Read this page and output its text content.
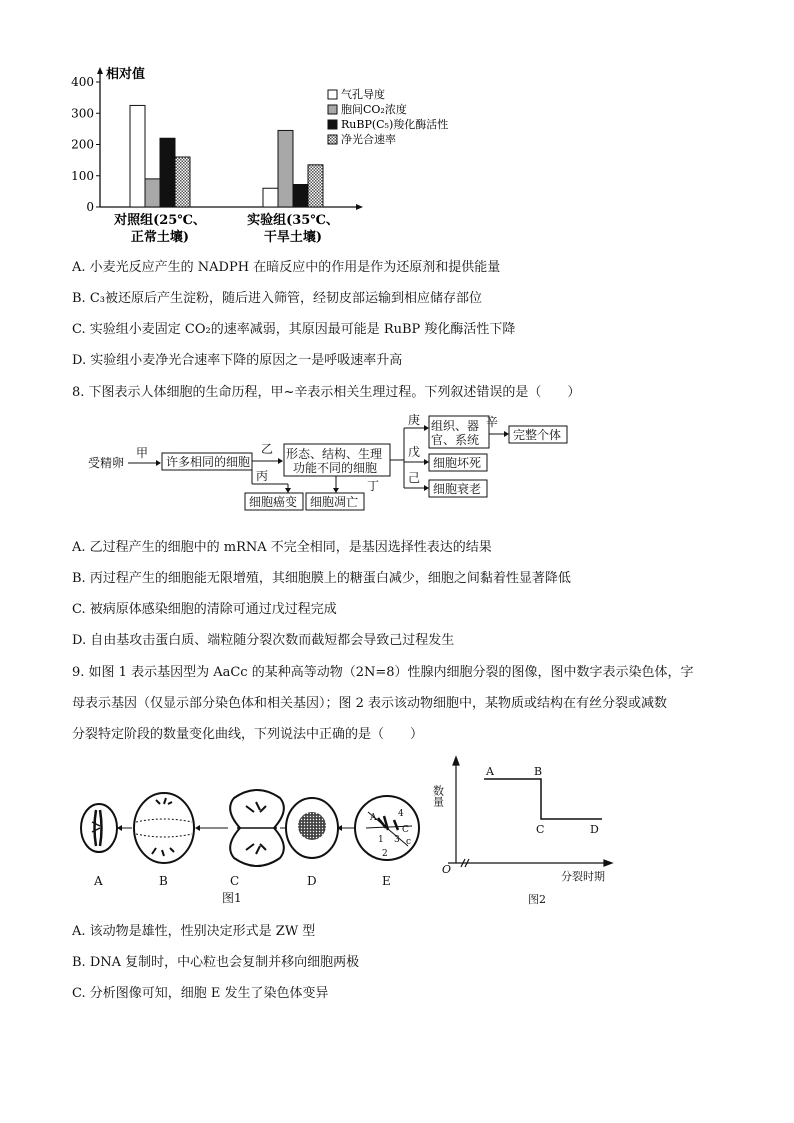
相对值
0
100
200
300
400
对照组(25℃、
正常土壤)
实验组(35℃、
干旱土壤)
气孔导度
胞间CO₂浓度
RuBP(C₅)羧化酶活性
净光合速率
A. 小麦光反应产生的 NADPH 在暗反应中的作用是作为还原剂和提供能量
B. C₃被还原后产生淀粉，随后进入筛管，经韧皮部运输到相应储存部位
C. 实验组小麦固定 CO₂的速率减弱，其原因最可能是 RuBP 羧化酶活性下降
D. 实验组小麦净光合速率下降的原因之一是呼吸速率升高
8. 下图表示人体细胞的生命历程，甲~辛表示相关生理过程。下列叙述错误的是（　　）
受精卵
甲
许多相同的细胞
乙
丙
形态、结构、生理
功能不同的细胞
细胞癌变
丁
细胞凋亡
庚
戊
己
组织、器
官、系统
辛
完整个体
细胞坏死
细胞衰老
A. 乙过程产生的细胞中的 mRNA 不完全相同，是基因选择性表达的结果
B. 丙过程产生的细胞能无限增殖，其细胞膜上的糖蛋白减少，细胞之间黏着性显著降低
C. 被病原体感染细胞的清除可通过戊过程完成
D. 自由基攻击蛋白质、端粒随分裂次数而截短都会导致己过程发生
9. 如图 1 表示基因型为 AaCc 的某种高等动物（2N=8）性腺内细胞分裂的图像，图中数字表示染色体，字
母表示基因（仅显示部分染色体和相关基因）；图 2 表示该动物细胞中，某物质或结构在有丝分裂或减数
分裂特定阶段的数量变化曲线，下列说法中正确的是（　　）
A 4
1
2
3
C
c
A	B	C	D	E
图1
数量
O
A	B
C	D
分裂时期
图2
A. 该动物是雄性，性别决定形式是 ZW 型
B. DNA 复制时，中心粒也会复制并移向细胞两极
C. 分析图像可知，细胞 E 发生了染色体变异
